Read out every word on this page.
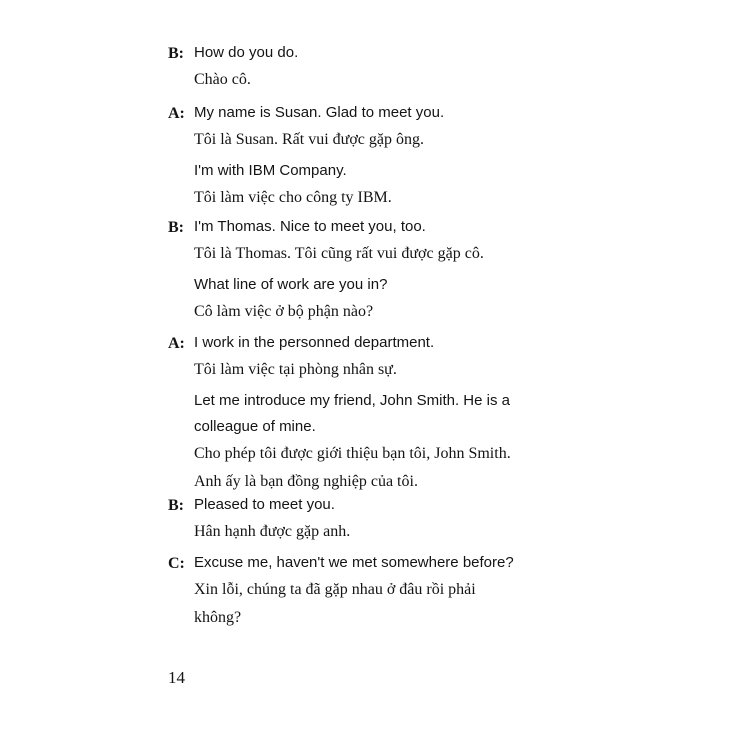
B: How do you do.
Chào cô.
A: My name is Susan. Glad to meet you.
Tôi là Susan. Rất vui được gặp ông.
I'm with IBM Company.
Tôi làm việc cho công ty IBM.
B: I'm Thomas. Nice to meet you, too.
Tôi là Thomas. Tôi cũng rất vui được gặp cô.
What line of work are you in?
Cô làm việc ở bộ phận nào?
A: I work in the personned department.
Tôi làm việc tại phòng nhân sự.
Let me introduce my friend, John Smith. He is a
colleague of mine.
Cho phép tôi được giới thiệu bạn tôi, John Smith.
Anh ấy là bạn đồng nghiệp của tôi.
B: Pleased to meet you.
Hân hạnh được gặp anh.
C: Excuse me, haven't we met somewhere before?
Xin lỗi, chúng ta đã gặp nhau ở đâu rồi phải
không?
14
